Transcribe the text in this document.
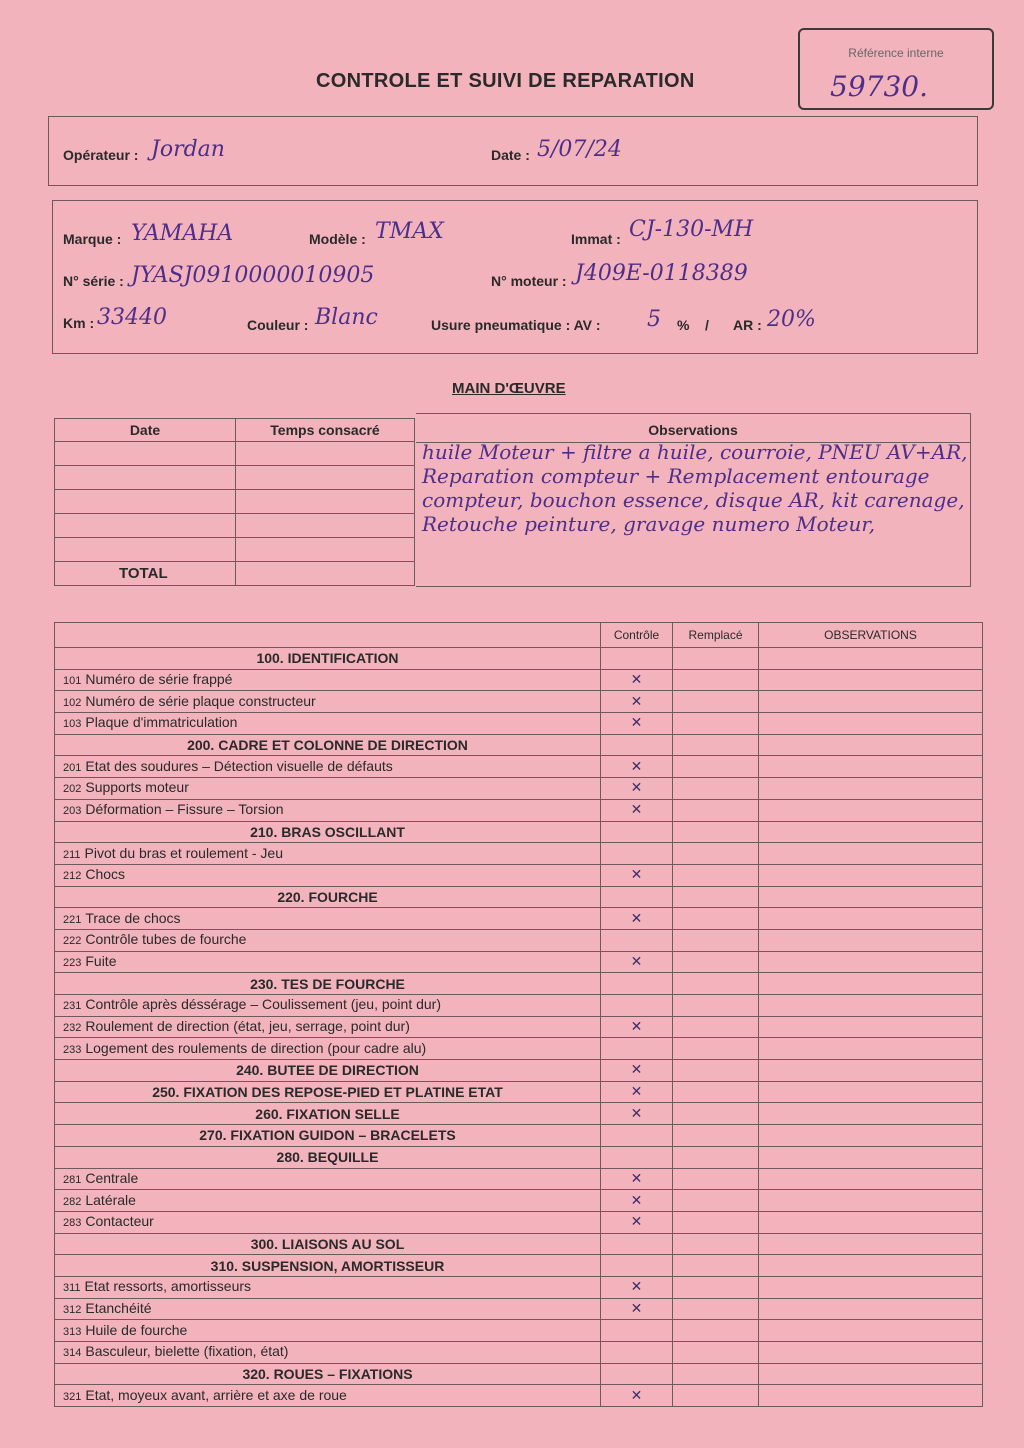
CONTROLE ET SUIVI DE REPARATION
Référence interne
59730.
Opérateur : Jordan	Date : 5/07/24
Marque : YAMAHA	Modèle : TMAX	Immat : CJ-130-MH
N° série : JYASJ0910000010905	N° moteur : J409E-0118389
Km : 33440	Couleur : Blanc	Usure pneumatique : AV : 5 % / AR : 20%
MAIN D'ŒUVRE
Date	Temps consacré

TOTAL	
Observations
huile Moteur + filtre a huile, courroie, PNEU AV+AR, Reparation compteur + Remplacement entourage compteur, bouchon essence, disque AR, kit carenage, Retouche peinture, gravage numero Moteur,
	Contrôle	Remplacé	OBSERVATIONS
100. IDENTIFICATION			
101 Numéro de série frappé	✕		
102 Numéro de série plaque constructeur	✕		
103 Plaque d'immatriculation	✕		
200. CADRE ET COLONNE DE DIRECTION			
201 Etat des soudures – Détection visuelle de défauts	✕		
202 Supports moteur	✕		
203 Déformation – Fissure – Torsion	✕		
210. BRAS OSCILLANT			
211 Pivot du bras et roulement - Jeu			
212 Chocs	✕		
220. FOURCHE			
221 Trace de chocs	✕		
222 Contrôle tubes de fourche			
223 Fuite	✕		
230. TES DE FOURCHE			
231 Contrôle après déssérage – Coulissement (jeu, point dur)			
232 Roulement de direction (état, jeu, serrage, point dur)	✕		
233 Logement des roulements de direction (pour cadre alu)			
240. BUTEE DE DIRECTION	✕		
250. FIXATION DES REPOSE-PIED ET PLATINE ETAT	✕		
260. FIXATION SELLE	✕		
270. FIXATION GUIDON – BRACELETS			
280. BEQUILLE			
281 Centrale	✕		
282 Latérale	✕		
283 Contacteur	✕		
300. LIAISONS AU SOL			
310. SUSPENSION, AMORTISSEUR			
311 Etat ressorts, amortisseurs	✕		
312 Etanchéité	✕		
313 Huile de fourche			
314 Basculeur, bielette (fixation, état)			
320. ROUES – FIXATIONS			
321 Etat, moyeux avant, arrière et axe de roue	✕		
